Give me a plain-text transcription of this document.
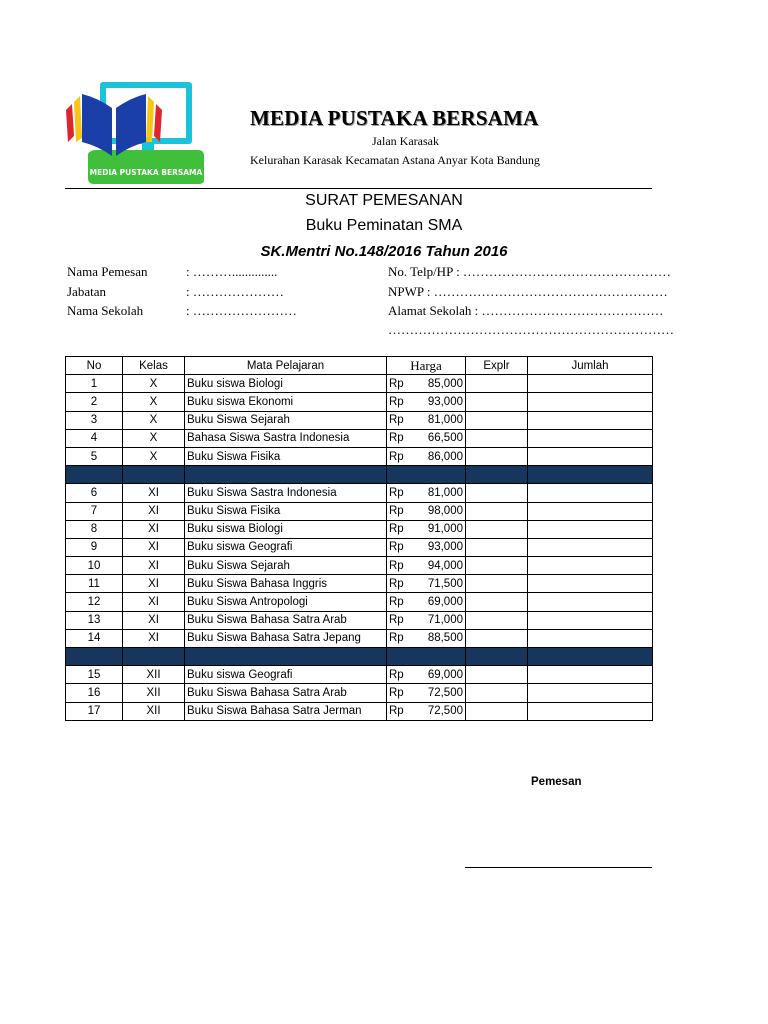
MEDIA PUSTAKA BERSAMA
MEDIA PUSTAKA BERSAMA
Jalan Karasak
Kelurahan Karasak Kecamatan Astana Anyar Kota Bandung
SURAT PEMESANAN
Buku Peminatan SMA
SK.Mentri No.148/2016 Tahun 2016
Nama Pemesan	: ………..............
Jabatan	: …………………
Nama Sekolah	: ……………………
No. Telp/HP : …………………………………………
NPWP : ………………………………………………
Alamat Sekolah : ……………………………………
…………………………………………………………
No	Kelas	Mata Pelajaran	Harga	Explr	Jumlah
1	X	Buku siswa Biologi	Rp 85,000		

2	X	Buku siswa Ekonomi	Rp 93,000		

3	X	Buku Siswa Sejarah	Rp 81,000		

4	X	Bahasa Siswa Sastra Indonesia	Rp 66,500		

5	X	Buku Siswa Fisika	Rp 86,000		

6	XI	Buku Siswa Sastra Indonesia	Rp 81,000		

7	XI	Buku Siswa Fisika	Rp 98,000		

8	XI	Buku siswa Biologi	Rp 91,000		

9	XI	Buku siswa Geografi	Rp 93,000		

10	XI	Buku Siswa Sejarah	Rp 94,000		

11	XI	Buku Siswa Bahasa Inggris	Rp 71,500		

12	XI	Buku Siswa Antropologi	Rp 69,000		

13	XI	Buku Siswa Bahasa Satra Arab	Rp 71,000		

14	XI	Buku Siswa Bahasa Satra Jepang	Rp 88,500		

15	XII	Buku siswa Geografi	Rp 69,000		

16	XII	Buku Siswa Bahasa Satra Arab	Rp 72,500		

17	XII	Buku Siswa Bahasa Satra Jerman	Rp 72,500		

Pemesan
